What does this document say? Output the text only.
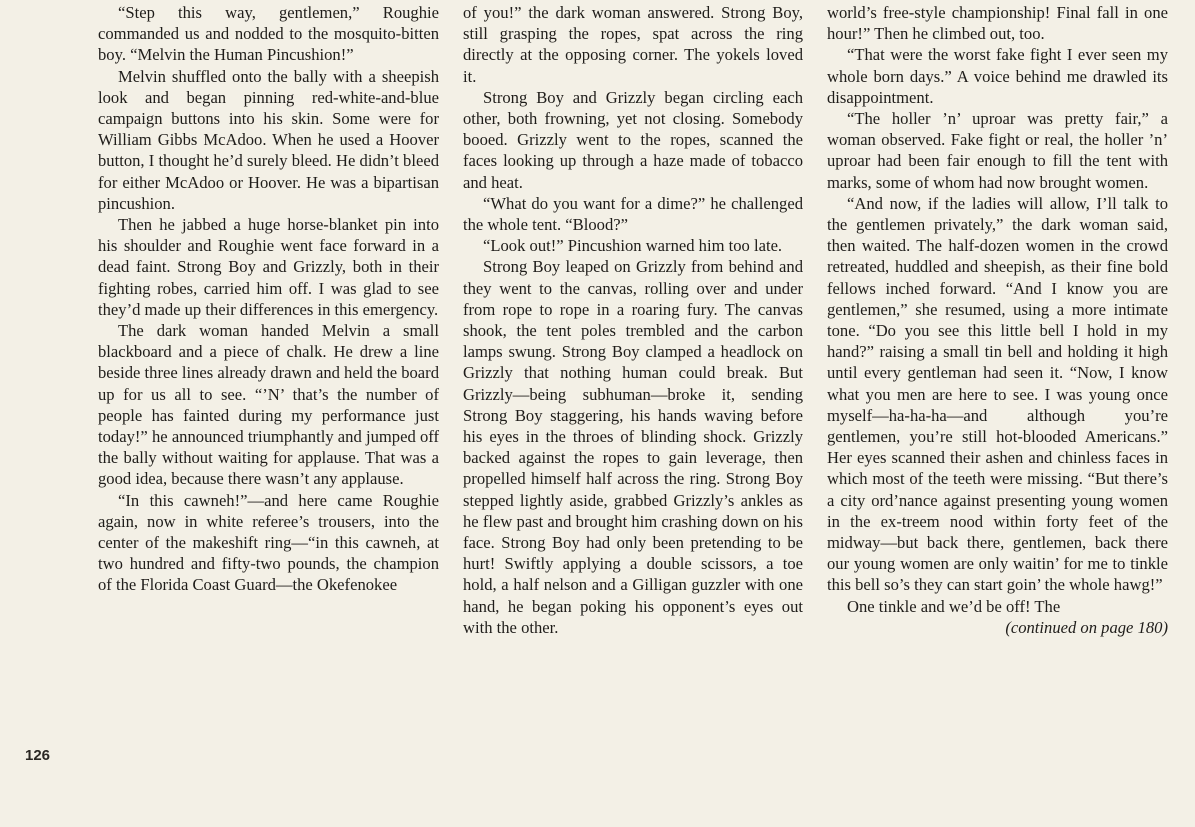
“Step this way, gentlemen,” Roughie commanded us and nodded to the mosquito-bitten boy. “Melvin the Human Pincushion!”

Melvin shuffled onto the bally with a sheepish look and began pinning red-white-and-blue campaign buttons into his skin. Some were for William Gibbs McAdoo. When he used a Hoover button, I thought he’d surely bleed. He didn’t bleed for either McAdoo or Hoover. He was a bipartisan pincushion.

Then he jabbed a huge horse-blanket pin into his shoulder and Roughie went face forward in a dead faint. Strong Boy and Grizzly, both in their fighting robes, carried him off. I was glad to see they’d made up their differences in this emergency.

The dark woman handed Melvin a small blackboard and a piece of chalk. He drew a line beside three lines already drawn and held the board up for us all to see. “’N’ that’s the number of people has fainted during my performance just today!” he announced triumphantly and jumped off the bally without waiting for applause. That was a good idea, because there wasn’t any applause.

“In this cawneh!”—and here came Roughie again, now in white referee’s trousers, into the center of the makeshift ring—“in this cawneh, at two hundred and fifty-two pounds, the champion of the Florida Coast Guard—the Okefenokee

of you!” the dark woman answered. Strong Boy, still grasping the ropes, spat across the ring directly at the opposing corner. The yokels loved it.

Strong Boy and Grizzly began circling each other, both frowning, yet not closing. Somebody booed. Grizzly went to the ropes, scanned the faces looking up through a haze made of tobacco and heat.

“What do you want for a dime?” he challenged the whole tent. “Blood?”

“Look out!” Pincushion warned him too late.

Strong Boy leaped on Grizzly from behind and they went to the canvas, rolling over and under from rope to rope in a roaring fury. The canvas shook, the tent poles trembled and the carbon lamps swung. Strong Boy clamped a headlock on Grizzly that nothing human could break. But Grizzly—being subhuman—broke it, sending Strong Boy staggering, his hands waving before his eyes in the throes of blinding shock. Grizzly backed against the ropes to gain leverage, then propelled himself half across the ring. Strong Boy stepped lightly aside, grabbed Grizzly’s ankles as he flew past and brought him crashing down on his face. Strong Boy had only been pretending to be hurt! Swiftly applying a double scissors, a toe hold, a half nelson and a Gilligan guzzler with one hand, he began poking his opponent’s eyes out with the other.

world’s free-style championship! Final fall in one hour!” Then he climbed out, too.

“That were the worst fake fight I ever seen my whole born days.” A voice behind me drawled its disappointment.

“The holler ’n’ uproar was pretty fair,” a woman observed. Fake fight or real, the holler ’n’ uproar had been fair enough to fill the tent with marks, some of whom had now brought women.

“And now, if the ladies will allow, I’ll talk to the gentlemen privately,” the dark woman said, then waited. The half-dozen women in the crowd retreated, huddled and sheepish, as their fine bold fellows inched forward. “And I know you are gentlemen,” she resumed, using a more intimate tone. “Do you see this little bell I hold in my hand?” raising a small tin bell and holding it high until every gentleman had seen it. “Now, I know what you men are here to see. I was young once myself—ha-ha-ha—and although you’re gentlemen, you’re still hot-blooded Americans.” Her eyes scanned their ashen and chinless faces in which most of the teeth were missing. “But there’s a city ord’nance against presenting young women in the ex-treem nood within forty feet of the midway—but back there, gentlemen, back there our young women are only waitin’ for me to tinkle this bell so’s they can start goin’ the whole hawg!”

One tinkle and we’d be off! The

(continued on page 180)

126
